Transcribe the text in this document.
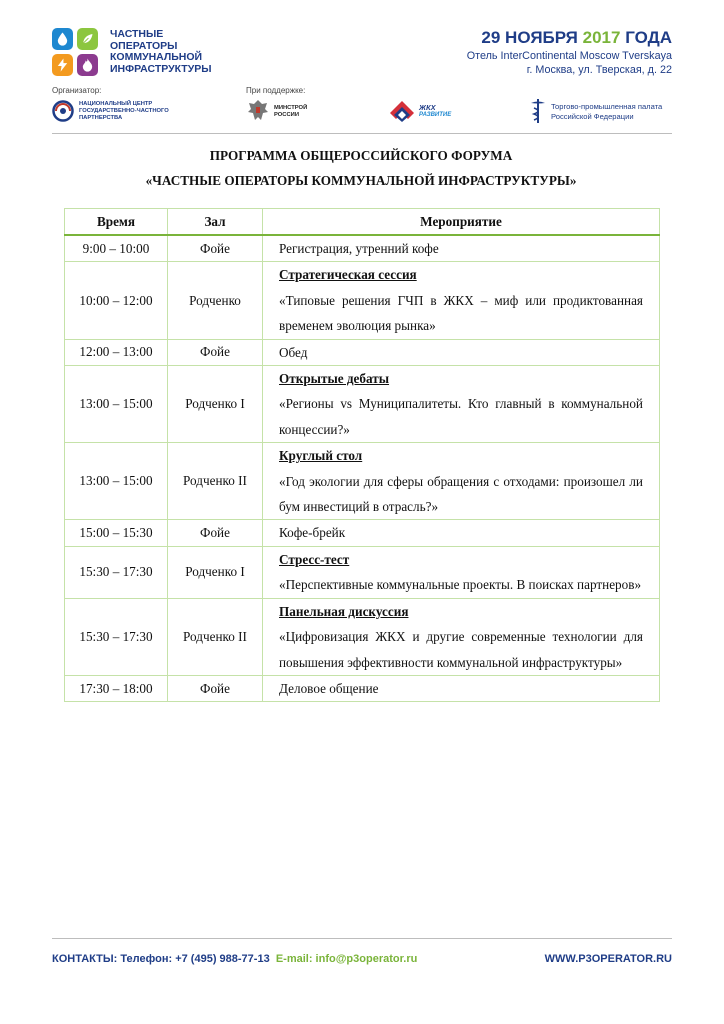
ЧАСТНЫЕ
ОПЕРАТОРЫ
КОММУНАЛЬНОЙ
ИНФРАСТРУКТУРЫ
29 НОЯБРЯ 2017 ГОДА
Отель InterContinental Moscow Tverskaya
г. Москва, ул. Тверская, д. 22
Организатор:	При поддержке:
НАЦИОНАЛЬНЫЙ ЦЕНТР
ГОСУДАРСТВЕННО-ЧАСТНОГО
ПАРТНЕРСТВА
МИНСТРОЙ
РОССИИ
ЖКХ
РАЗВИТИЕ
Торгово-промышленная палата
Российской Федерации
ПРОГРАММА ОБЩЕРОССИЙСКОГО ФОРУМА
«ЧАСТНЫЕ ОПЕРАТОРЫ КОММУНАЛЬНОЙ ИНФРАСТРУКТУРЫ»
Время	Зал	Мероприятие
9:00 – 10:00	Фойе	Регистрация, утренний кофе
10:00 – 12:00	Родченко	Стратегическая сессия
«Типовые решения ГЧП в ЖКХ – миф или продиктованная временем эволюция рынка»
12:00 – 13:00	Фойе	Обед
13:00 – 15:00	Родченко I	Открытые дебаты
«Регионы vs Муниципалитеты. Кто главный в коммунальной концессии?»
13:00 – 15:00	Родченко II	Круглый стол
«Год экологии для сферы обращения с отходами: произошел ли бум инвестиций в отрасль?»
15:00 – 15:30	Фойе	Кофе-брейк
15:30 – 17:30	Родченко I	Стресс-тест
«Перспективные коммунальные проекты. В поисках партнеров»
15:30 – 17:30	Родченко II	Панельная дискуссия
«Цифровизация ЖКХ и другие современные технологии для повышения эффективности коммунальной инфраструктуры»
17:30 – 18:00	Фойе	Деловое общение
КОНТАКТЫ: Телефон: +7 (495) 988-77-13 E-mail: info@p3operator.ru	WWW.P3OPERATOR.RU
